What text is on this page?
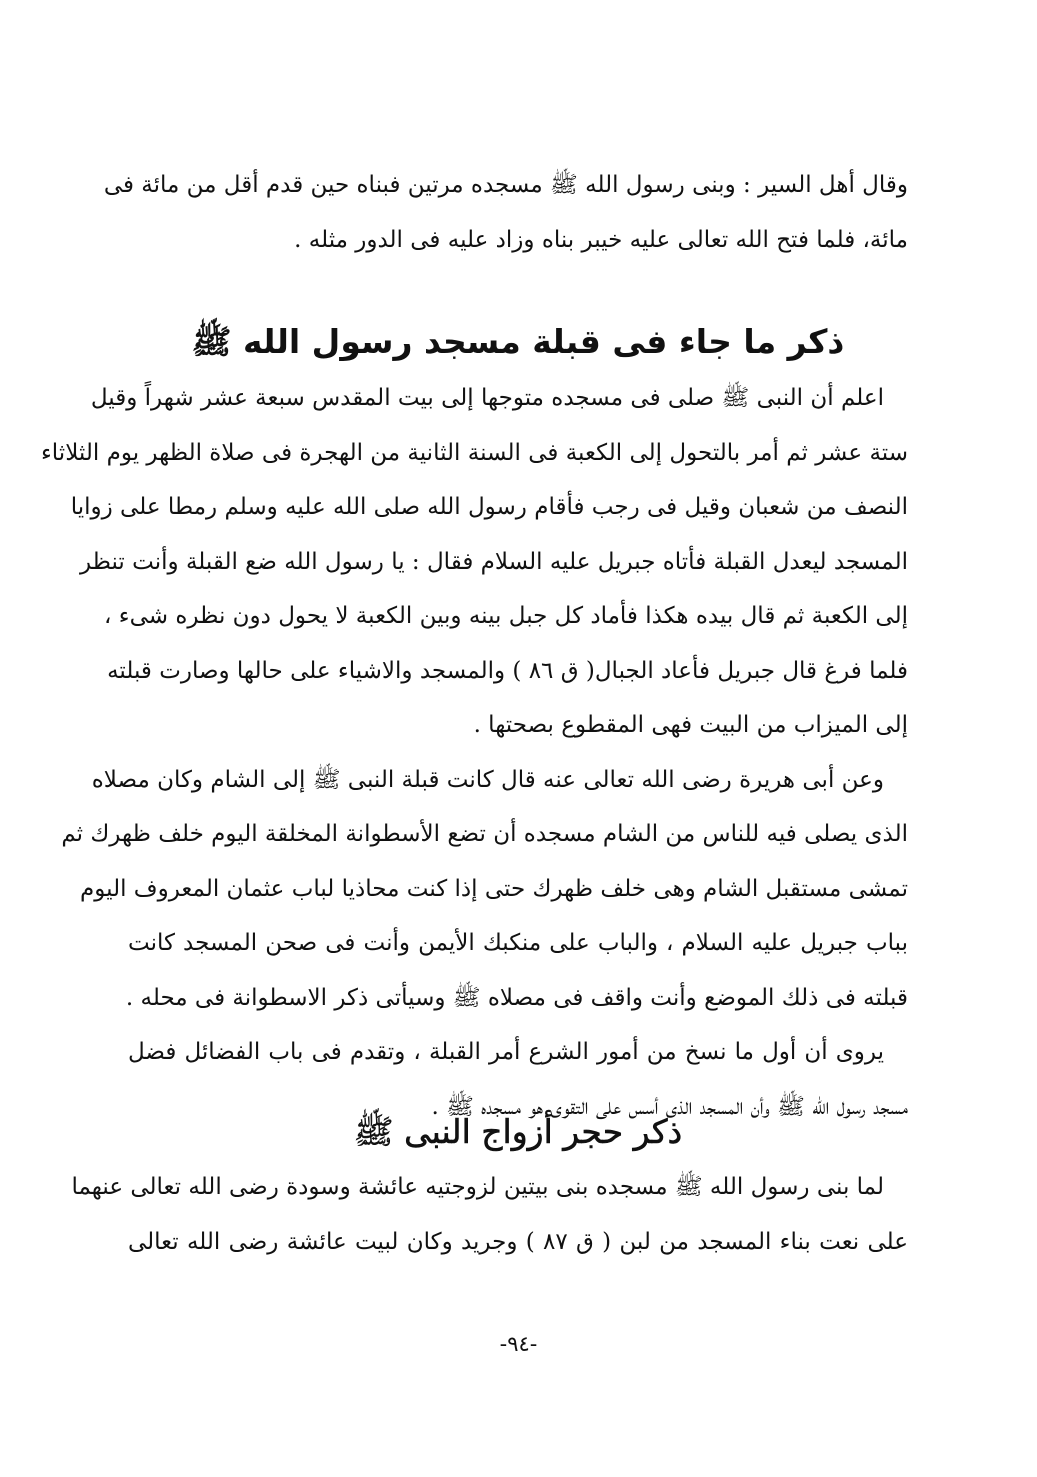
وقال أهل السير : وبنى رسول الله ﷺ مسجده مرتين فبناه حين قدم أقل من مائة فى
مائة، فلما فتح الله تعالى عليه خيبر بناه وزاد عليه فى الدور مثله .
ذكر ما جاء فى قبلة مسجد رسول الله ﷺ
اعلم أن النبى ﷺ صلى فى مسجده متوجها إلى بيت المقدس سبعة عشر شهراً وقيل
ستة عشر ثم أمر بالتحول إلى الكعبة فى السنة الثانية من الهجرة فى صلاة الظهر يوم الثلاثاء
النصف من شعبان وقيل فى رجب فأقام رسول الله صلى الله عليه وسلم رمطا على زوايا
المسجد ليعدل القبلة فأتاه جبريل عليه السلام فقال : يا رسول الله ضع القبلة وأنت تنظر
إلى الكعبة ثم قال بيده هكذا فأماد كل جبل بينه وبين الكعبة لا يحول دون نظره شىء ،
فلما فرغ قال جبريل فأعاد الجبال( ق ٨٦ ) والمسجد والاشياء على حالها وصارت قبلته
إلى الميزاب من البيت فهى المقطوع بصحتها .
وعن أبى هريرة رضى الله تعالى عنه قال كانت قبلة النبى ﷺ إلى الشام وكان مصلاه
الذى يصلى فيه للناس من الشام مسجده أن تضع الأسطوانة المخلقة اليوم خلف ظهرك ثم
تمشى مستقبل الشام وهى خلف ظهرك حتى إذا كنت محاذيا لباب عثمان المعروف اليوم
بباب جبريل عليه السلام ، والباب على منكبك الأيمن وأنت فى صحن المسجد كانت
قبلته فى ذلك الموضع وأنت واقف فى مصلاه ﷺ وسيأتى ذكر الاسطوانة فى محله .
يروى أن أول ما نسخ من أمور الشرع أمر القبلة ، وتقدم فى باب الفضائل فضل
مسجد رسول الله ﷺ وأن المسجد الذى أسس على التقوى هو مسجده ﷺ .
ذكر حجر أزواج النبى ﷺ
لما بنى رسول الله ﷺ مسجده بنى بيتين لزوجتيه عائشة وسودة رضى الله تعالى عنهما
على نعت بناء المسجد من لبن ( ق ٨٧ ) وجريد وكان لبيت عائشة رضى الله تعالى
-٩٤-
